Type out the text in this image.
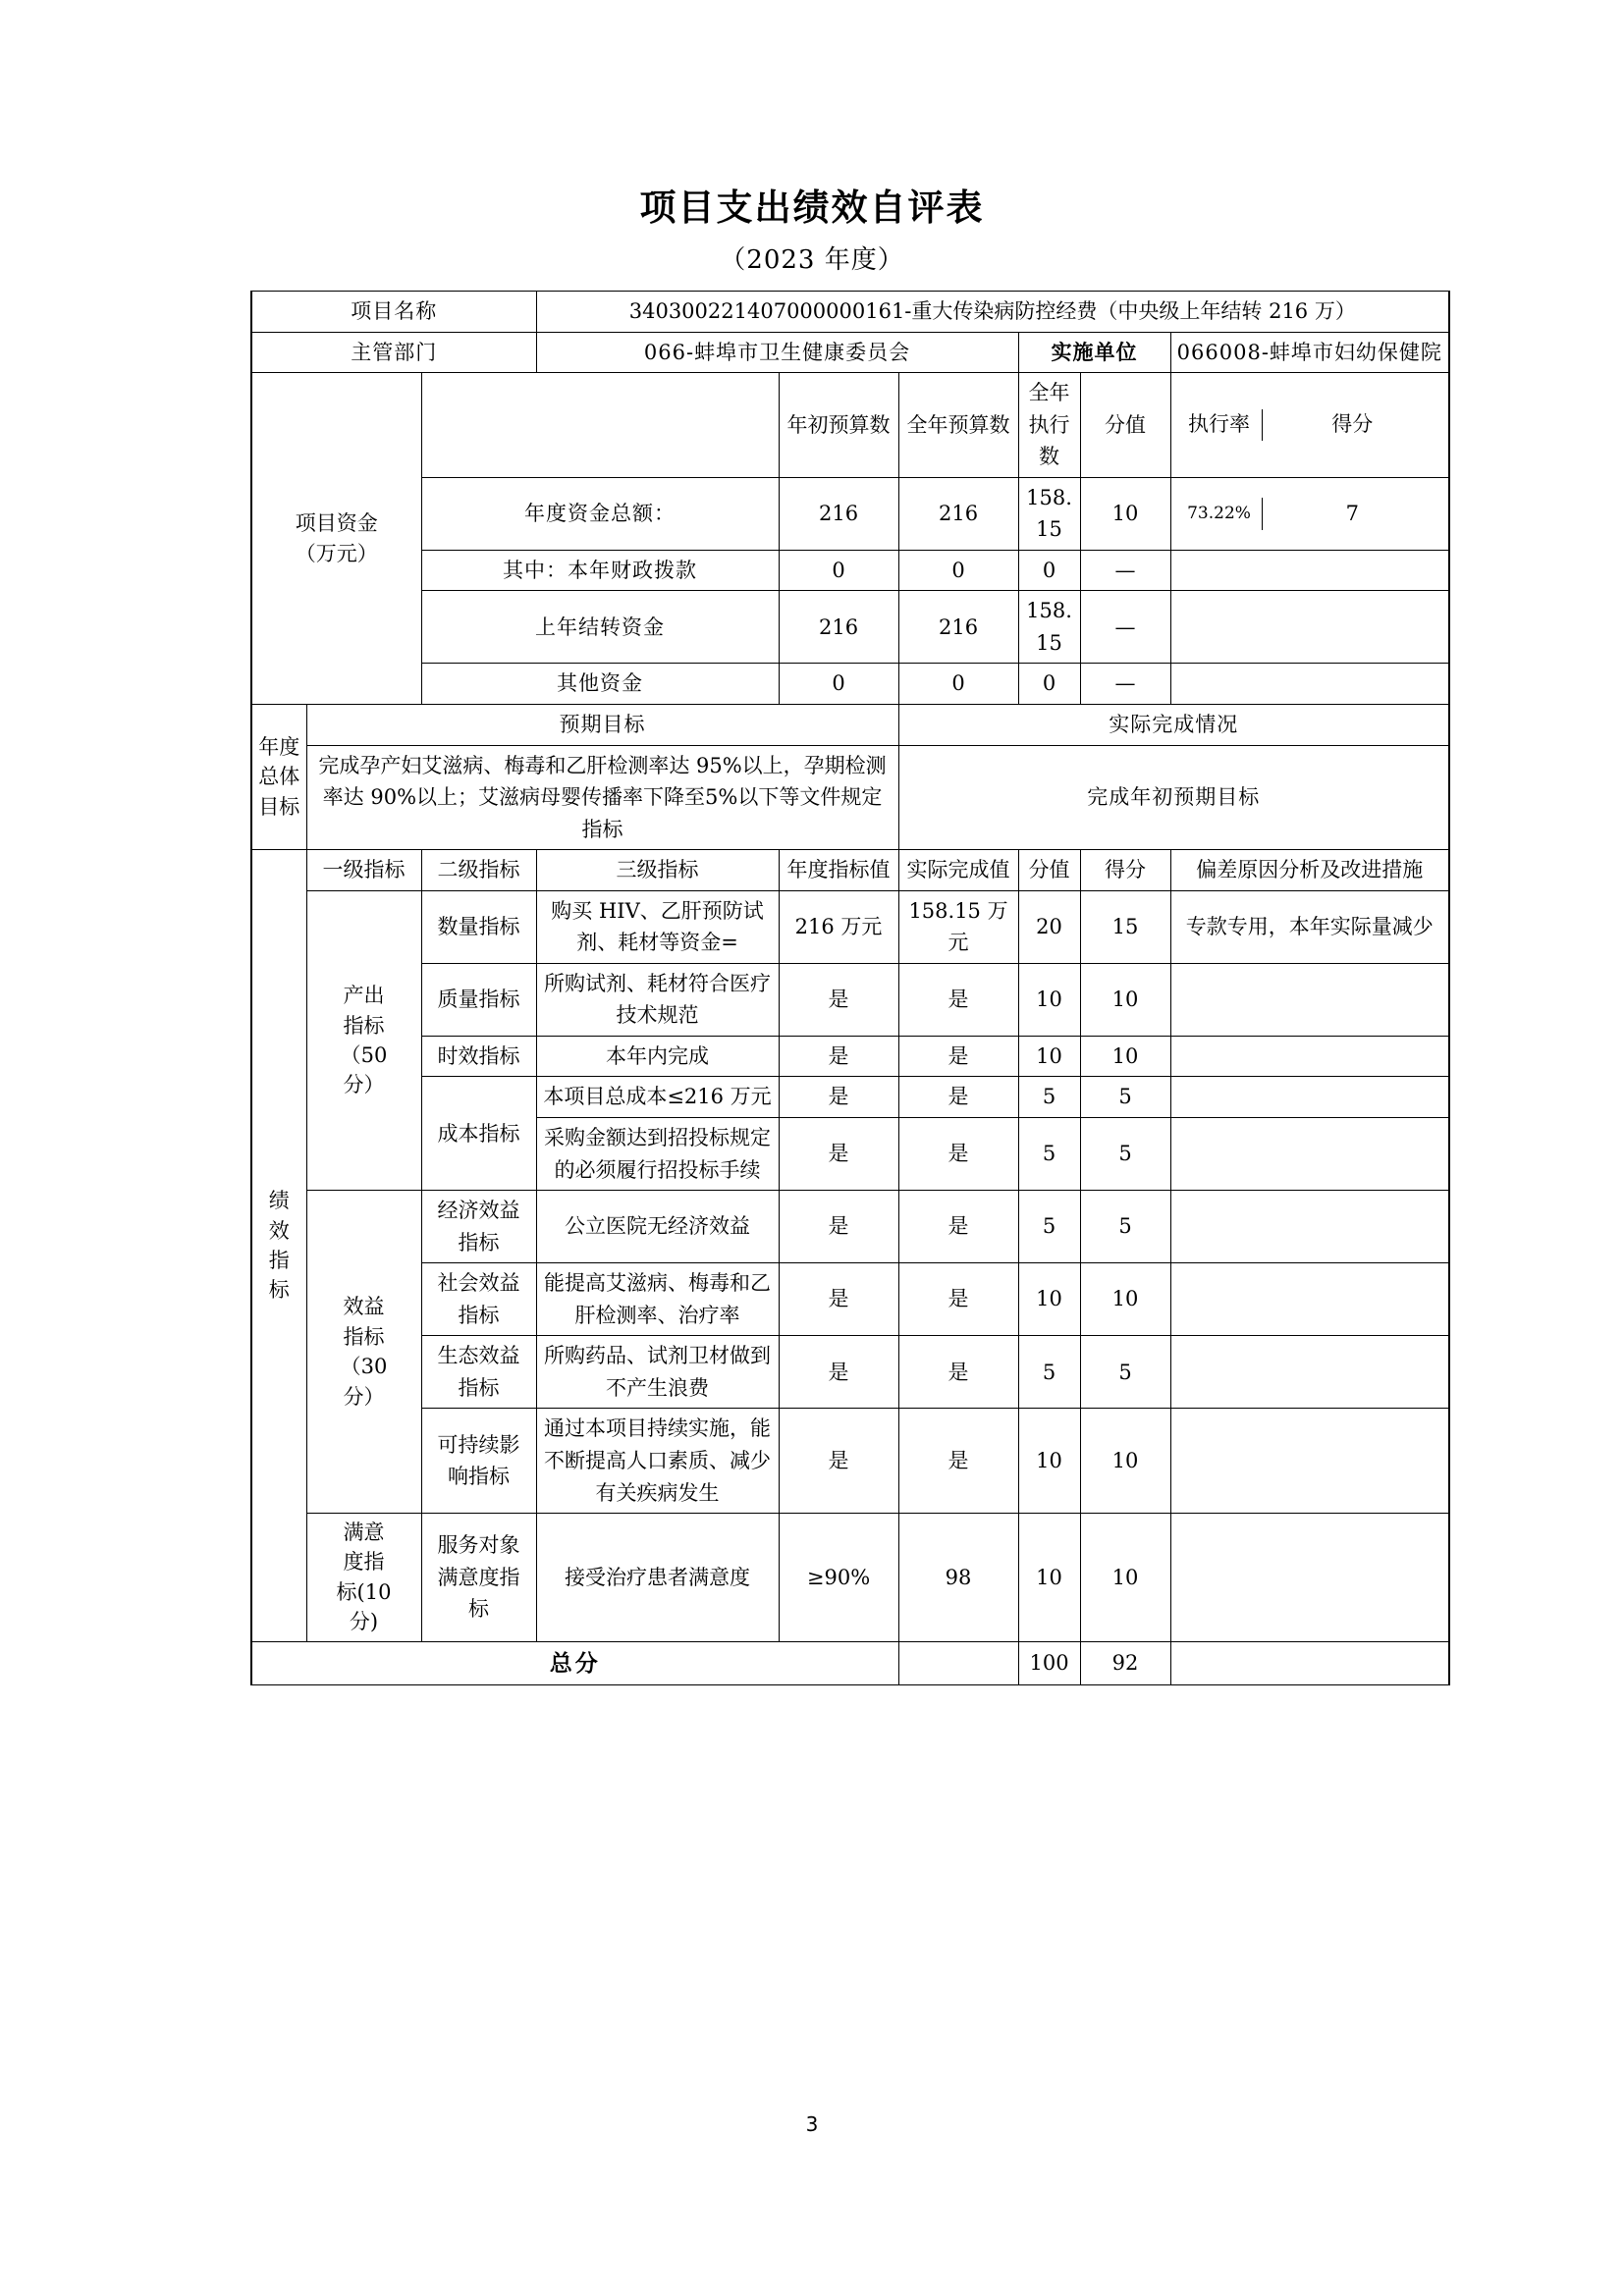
项目支出绩效自评表
（2023 年度）
项目名称	340300221407000000161-重大传染病防控经费（中央级上年结转 216 万）
主管部门	066-蚌埠市卫生健康委员会	实施单位	066008-蚌埠市妇幼保健院

项目资金
（万元）
		年初预算数	全年预算数	全年执行数	分值	执行率	得分

年度资金总额：	216	216	158.15	10		73.22%	7

其中：本年财政拨款	0	0	0	—	

上年结转资金	216	216	158.15	—	

其他资金	0	0	0	—	

年度
总体
目标
	预期目标	实际完成情况
完成孕产妇艾滋病、梅毒和乙肝检测率达 95%以上，孕期检测率达 90%以上；艾滋病母婴传播率下降至5%以下等文件规定指标	完成年初预期目标

绩
效
指
标
	一级指标	二级指标	三级指标	年度指标值	实际完成值	分值	得分	偏差原因分析及改进措施

产出
指标
（50
分）
	数量指标	购买 HIV、乙肝预防试剂、耗材等资金=	216 万元	158.15 万元	20	15	专款专用，本年实际量减少
质量指标	所购试剂、耗材符合医疗技术规范	是	是	10	10	
时效指标	本年内完成	是	是	10	10	
成本指标	本项目总成本≤216 万元	是	是	5	5	
采购金额达到招投标规定的必须履行招投标手续	是	是	5	5	

效益
指标
（30
分）
	经济效益指标	公立医院无经济效益	是	是	5	5	
社会效益指标	能提高艾滋病、梅毒和乙肝检测率、治疗率	是	是	10	10	
生态效益指标	所购药品、试剂卫材做到不产生浪费	是	是	5	5	
可持续影响指标	通过本项目持续实施，能不断提高人口素质、减少有关疾病发生	是	是	10	10	

满意
度指
标(10
分)
	服务对象满意度指标	接受治疗患者满意度	≥90%	98	10	10	
总分		100	92	
3
